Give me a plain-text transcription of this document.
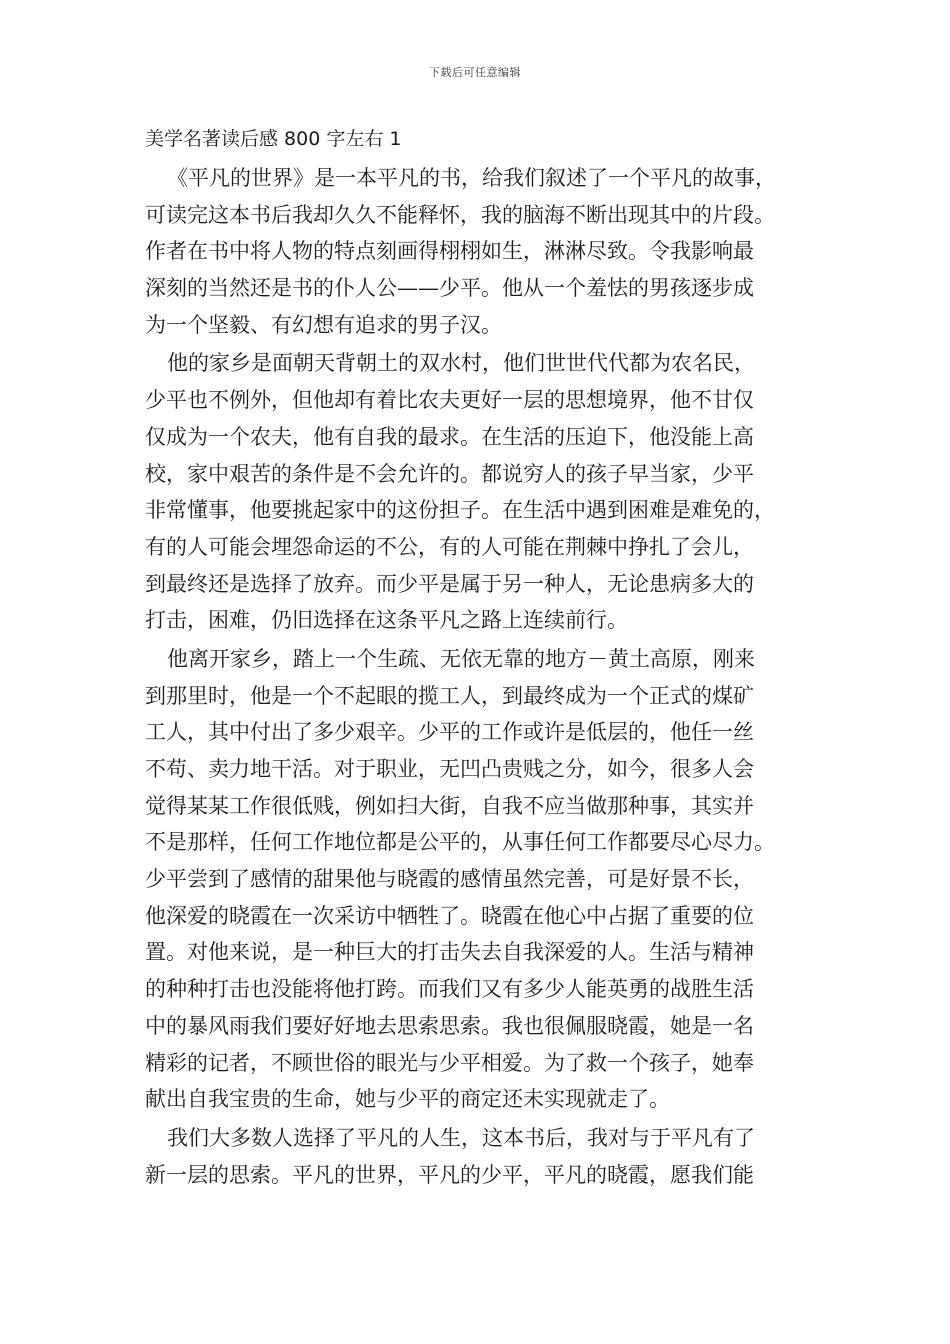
下载后可任意编辑
美学名著读后感 800 字左右 1
《平凡的世界》是一本平凡的书，给我们叙述了一个平凡的故事，
可读完这本书后我却久久不能释怀，我的脑海不断出现其中的片段。
作者在书中将人物的特点刻画得栩栩如生，淋淋尽致。令我影响最
深刻的当然还是书的仆人公——少平。他从一个羞怯的男孩逐步成
为一个坚毅、有幻想有追求的男子汉。
他的家乡是面朝天背朝土的双水村，他们世世代代都为农名民，
少平也不例外，但他却有着比农夫更好一层的思想境界，他不甘仅
仅成为一个农夫，他有自我的最求。在生活的压迫下，他没能上高
校，家中艰苦的条件是不会允许的。都说穷人的孩子早当家，少平
非常懂事，他要挑起家中的这份担子。在生活中遇到困难是难免的，
有的人可能会埋怨命运的不公，有的人可能在荆棘中挣扎了会儿，
到最终还是选择了放弃。而少平是属于另一种人，无论患病多大的
打击，困难，仍旧选择在这条平凡之路上连续前行。
他离开家乡，踏上一个生疏、无依无靠的地方－黄土高原，刚来
到那里时，他是一个不起眼的揽工人，到最终成为一个正式的煤矿
工人，其中付出了多少艰辛。少平的工作或许是低层的，他任一丝
不苟、卖力地干活。对于职业，无凹凸贵贱之分，如今，很多人会
觉得某某工作很低贱，例如扫大街，自我不应当做那种事，其实并
不是那样，任何工作地位都是公平的，从事任何工作都要尽心尽力。
少平尝到了感情的甜果他与晓霞的感情虽然完善，可是好景不长，
他深爱的晓霞在一次采访中牺牲了。晓霞在他心中占据了重要的位
置。对他来说，是一种巨大的打击失去自我深爱的人。生活与精神
的种种打击也没能将他打跨。而我们又有多少人能英勇的战胜生活
中的暴风雨我们要好好地去思索思索。我也很佩服晓霞，她是一名
精彩的记者，不顾世俗的眼光与少平相爱。为了救一个孩子，她奉
献出自我宝贵的生命，她与少平的商定还未实现就走了。
我们大多数人选择了平凡的人生，这本书后，我对与于平凡有了
新一层的思索。平凡的世界，平凡的少平，平凡的晓霞，愿我们能
